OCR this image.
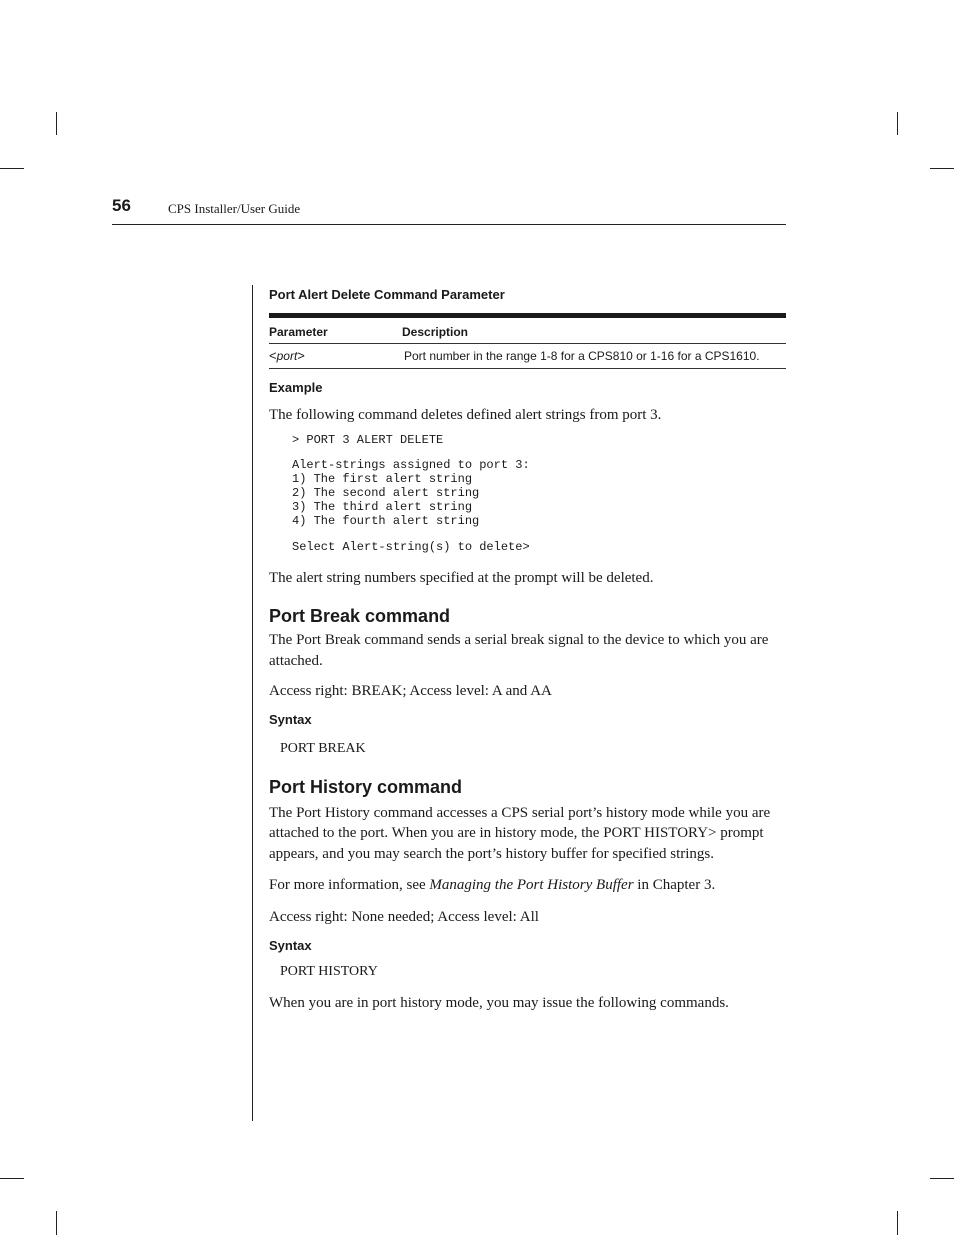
56	CPS Installer/User Guide

Port Alert Delete Command Parameter

Parameter	Description
<port>	Port number in the range 1-8 for a CPS810 or 1-16 for a CPS1610.

Example

The following command deletes defined alert strings from port 3.

> PORT 3 ALERT DELETE
Alert-strings assigned to port 3:
1) The first alert string
2) The second alert string
3) The third alert string
4) The fourth alert string
Select Alert-string(s) to delete>

The alert string numbers specified at the prompt will be deleted.

Port Break command

The Port Break command sends a serial break signal to the device to which you are attached.

Access right: BREAK; Access level: A and AA

Syntax

PORT BREAK

Port History command

The Port History command accesses a CPS serial port’s history mode while you are attached to the port. When you are in history mode, the PORT HISTORY> prompt appears, and you may search the port’s history buffer for specified strings.

For more information, see Managing the Port History Buffer in Chapter 3.

Access right: None needed; Access level: All

Syntax

PORT HISTORY

When you are in port history mode, you may issue the following commands.
